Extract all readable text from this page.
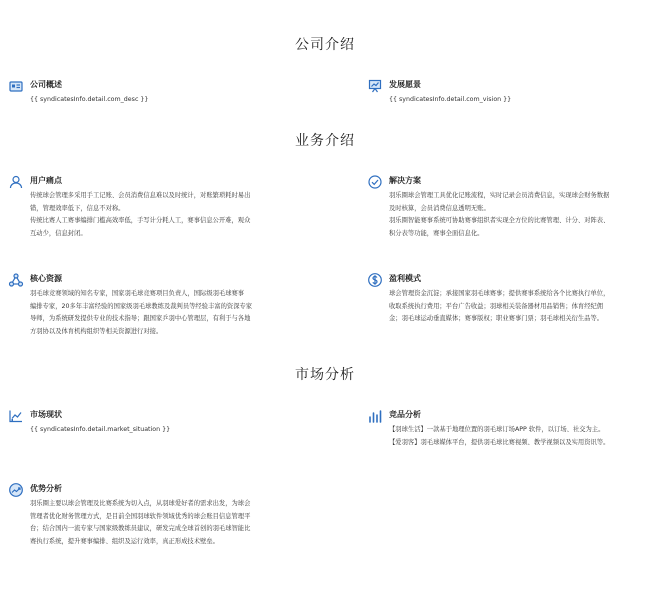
公司介绍
公司概述
{{ syndicatesInfo.detail.com_desc }}
发展愿景
{{ syndicatesInfo.detail.com_vision }}
业务介绍
用户痛点

传统球会管理多采用手工记账、会员消费信息难以及时统计，对账繁琐耗时易出

错，管理效率低下，信息不对称。

传统比赛人工赛事编排门槛高效率低，手写计分耗人工，赛事信息公开难，观众

互动少，信息封闭。

解决方案

羽乐圈球会管理工具优化记账流程，实时记录会员消费信息，实现球会财务数据

及时核算，会员消费信息透明无账。

羽乐圈智能赛事系统可协助赛事组织者实现全方位的比赛管理、计分、对阵表、

积分表等功能，赛事全面信息化。

核心资源

羽毛球竞赛领域的知名专家，国家羽毛球竞赛项目负责人，国际级羽毛球赛事

编排专家，20多年丰富经验的国家级羽毛球教练及裁判员等经验丰富的资深专家

导师，为系统研发提供专业的技术指导；跟国家乒羽中心管理层，有利于与各地

方羽协以及体育机构组织等相关资源进行对接。

盈利模式

球会管理资金沉淀；承接国家羽毛球赛事；提供赛事系统给各个比赛执行单位，

收取系统执行费用；平台广告收益；羽球相关装备器材用品销售；体育经纪佣

金；羽毛球运动垂直媒体；赛事版权；职业赛事门票；羽毛球相关衍生品等。

市场分析
市场现状
{{ syndicatesInfo.detail.market_situation }}
竞品分析

【羽球生活】一款基于地理位置的羽毛球订场APP 软件，以订场、社交为主。

【爱羽客】羽毛球媒体平台，提供羽毛球比赛视频、教学视频以及实用资讯等。

优势分析

羽乐圈主要以球会管理及比赛系统为切入点，从羽球爱好者的需求出发，为球会

管理者优化财务管理方式，是目前全国羽球软件领域优秀的球会账目信息管理平

台；结合国内一流专家与国家级教练员建议，研发完成全球首创的羽毛球智能比

赛执行系统，提升赛事编排、组织及运行效率，真正形成技术壁垒。
